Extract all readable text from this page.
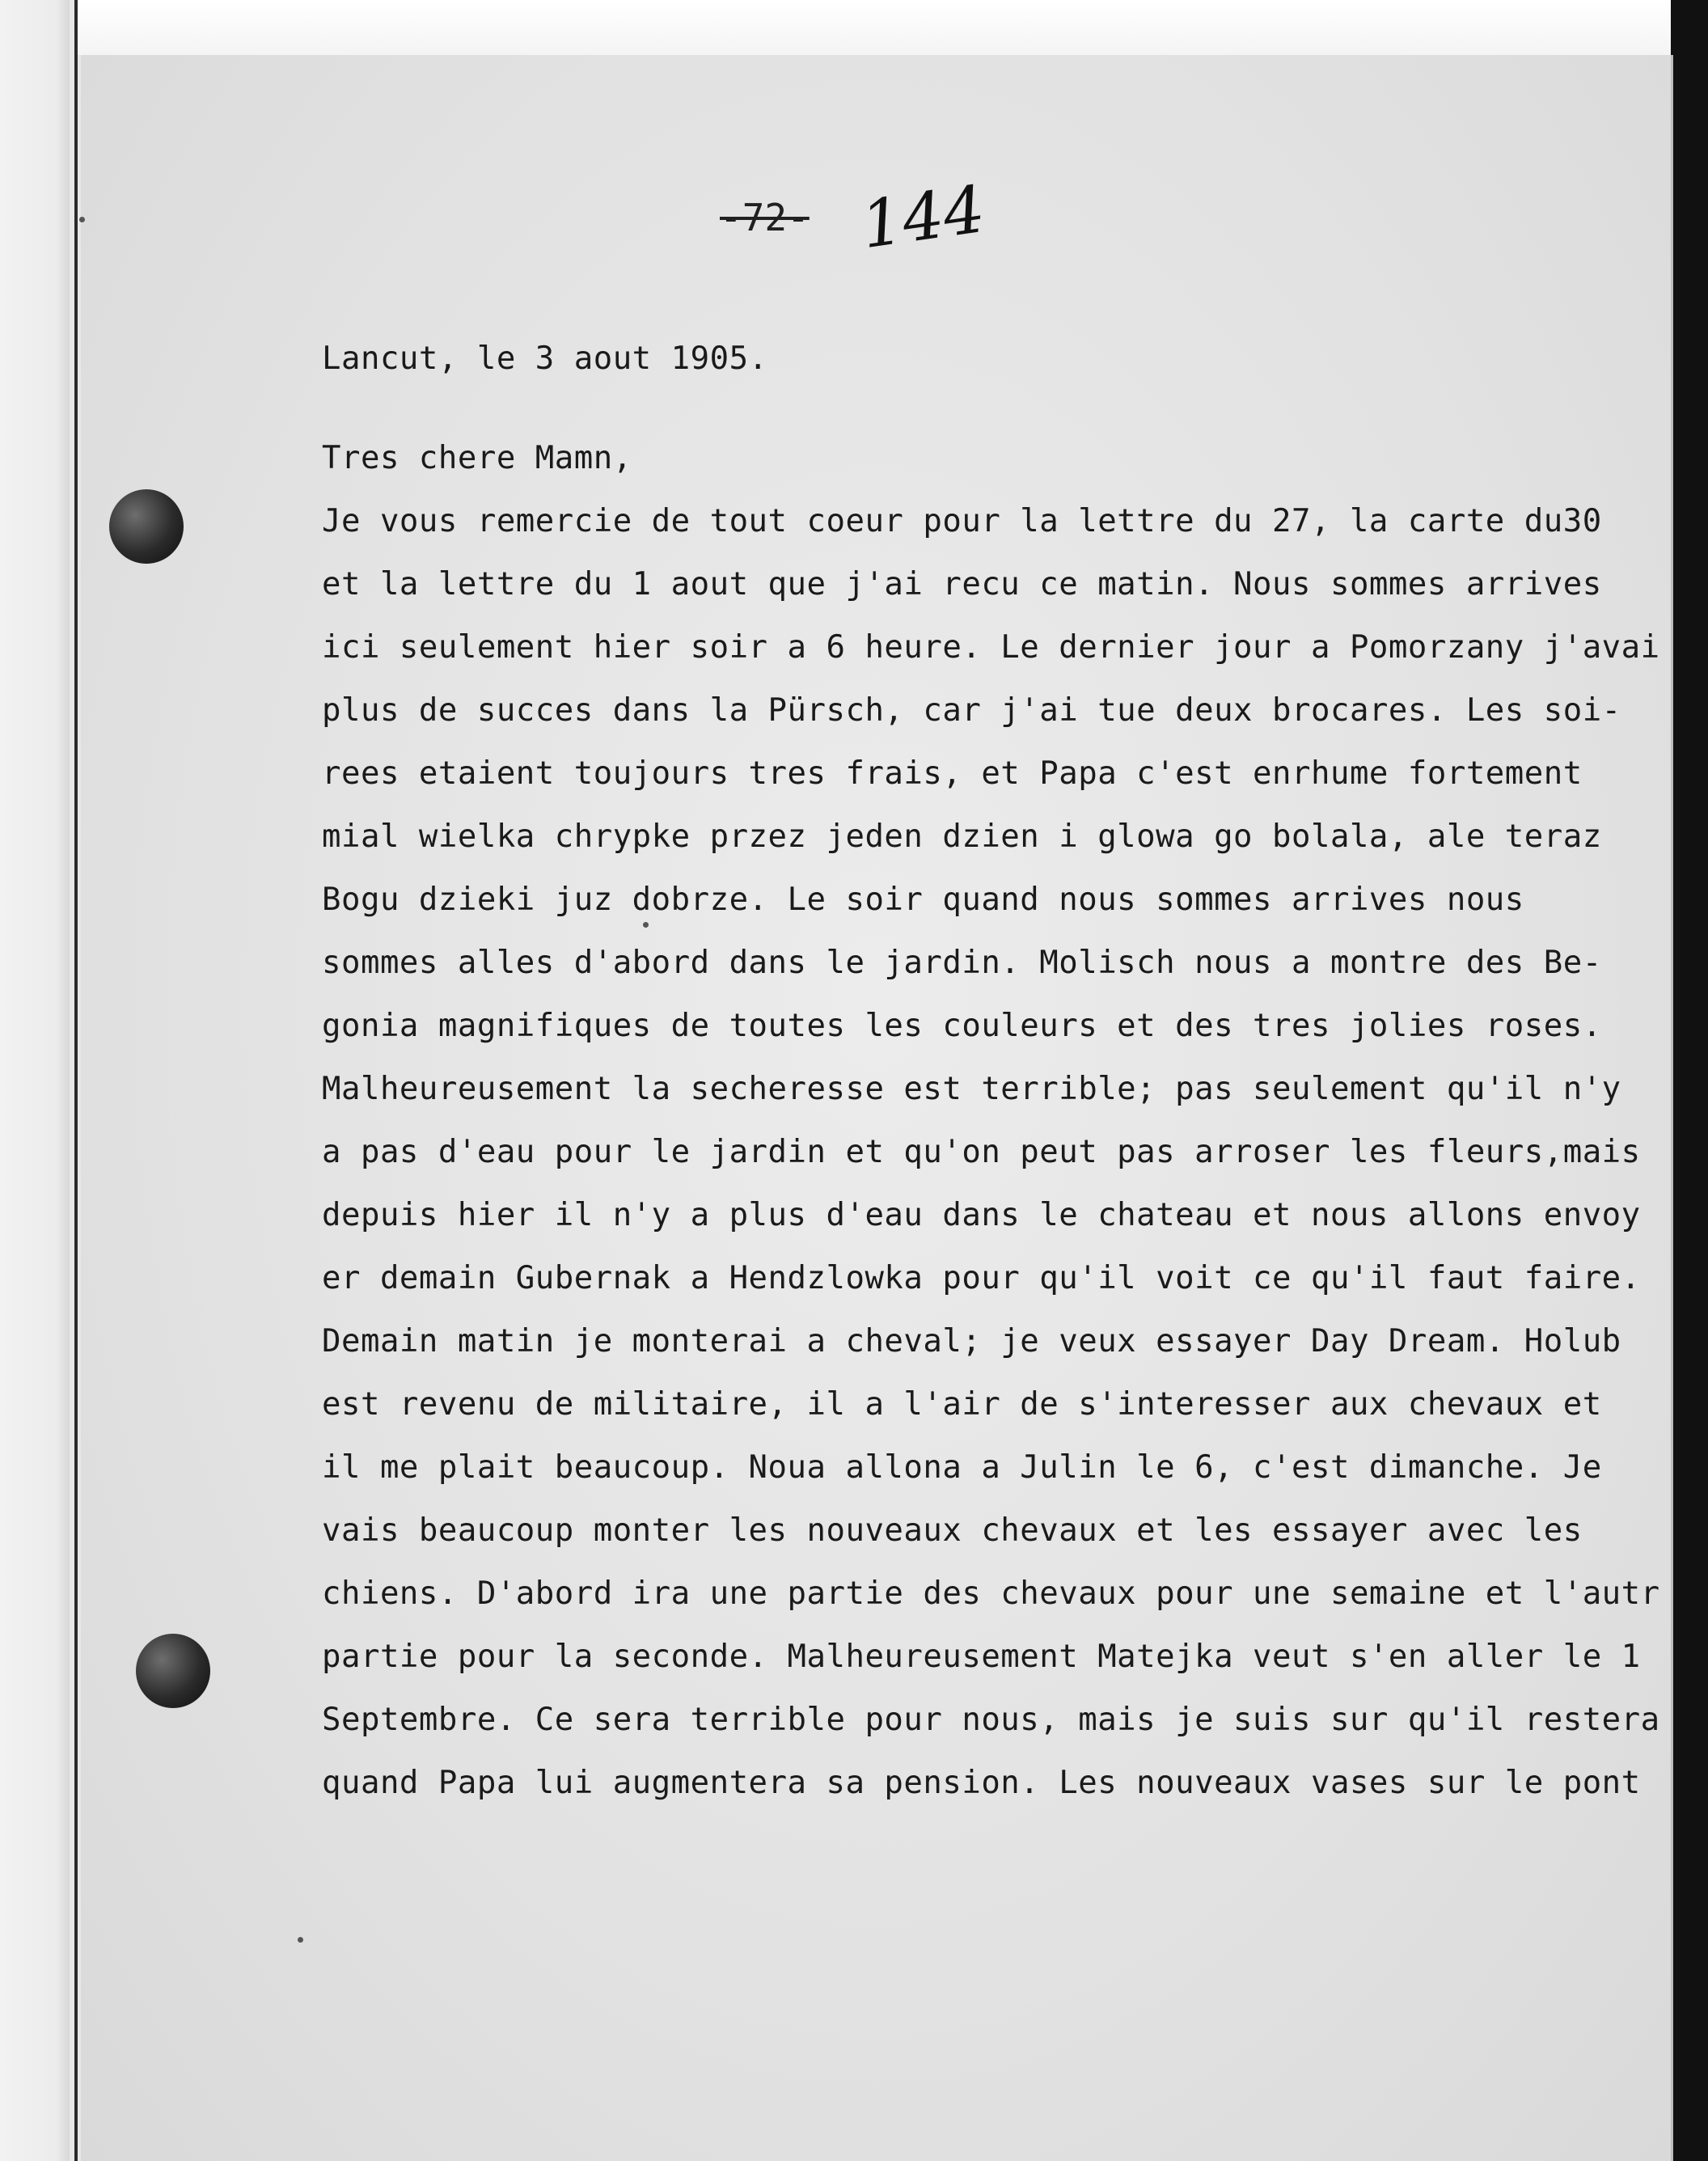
-72- 144
Lancut, le 3 aout 1905.
Tres chere Mamn,
Je vous remercie de tout coeur pour la lettre du 27, la carte du30
et la lettre du 1 aout que j'ai recu ce matin. Nous sommes arrives
ici seulement hier soir a 6 heure. Le dernier jour a Pomorzany j'avai
plus de succes dans la Pürsch, car j'ai tue deux brocares. Les soi-
rees etaient toujours tres frais, et Papa c'est enrhume fortement
mial wielka chrypke przez jeden dzien i glowa go bolala, ale teraz
Bogu dzieki juz dobrze. Le soir quand nous sommes arrives nous
sommes alles d'abord dans le jardin. Molisch nous a montre des Be-
gonia magnifiques de toutes les couleurs et des tres jolies roses.
Malheureusement la secheresse est terrible; pas seulement qu'il n'y
a pas d'eau pour le jardin et qu'on peut pas arroser les fleurs,mais
depuis hier il n'y a plus d'eau dans le chateau et nous allons envoy
er demain Gubernak a Hendzlowka pour qu'il voit ce qu'il faut faire.
Demain matin je monterai a cheval; je veux essayer Day Dream. Holub
est revenu de militaire, il a l'air de s'interesser aux chevaux et
il me plait beaucoup. Noua allona a Julin le 6, c'est dimanche. Je
vais beaucoup monter les nouveaux chevaux et les essayer avec les
chiens. D'abord ira une partie des chevaux pour une semaine et l'autr
partie pour la seconde. Malheureusement Matejka veut s'en aller le 1
Septembre. Ce sera terrible pour nous, mais je suis sur qu'il restera
quand Papa lui augmentera sa pension. Les nouveaux vases sur le pont
